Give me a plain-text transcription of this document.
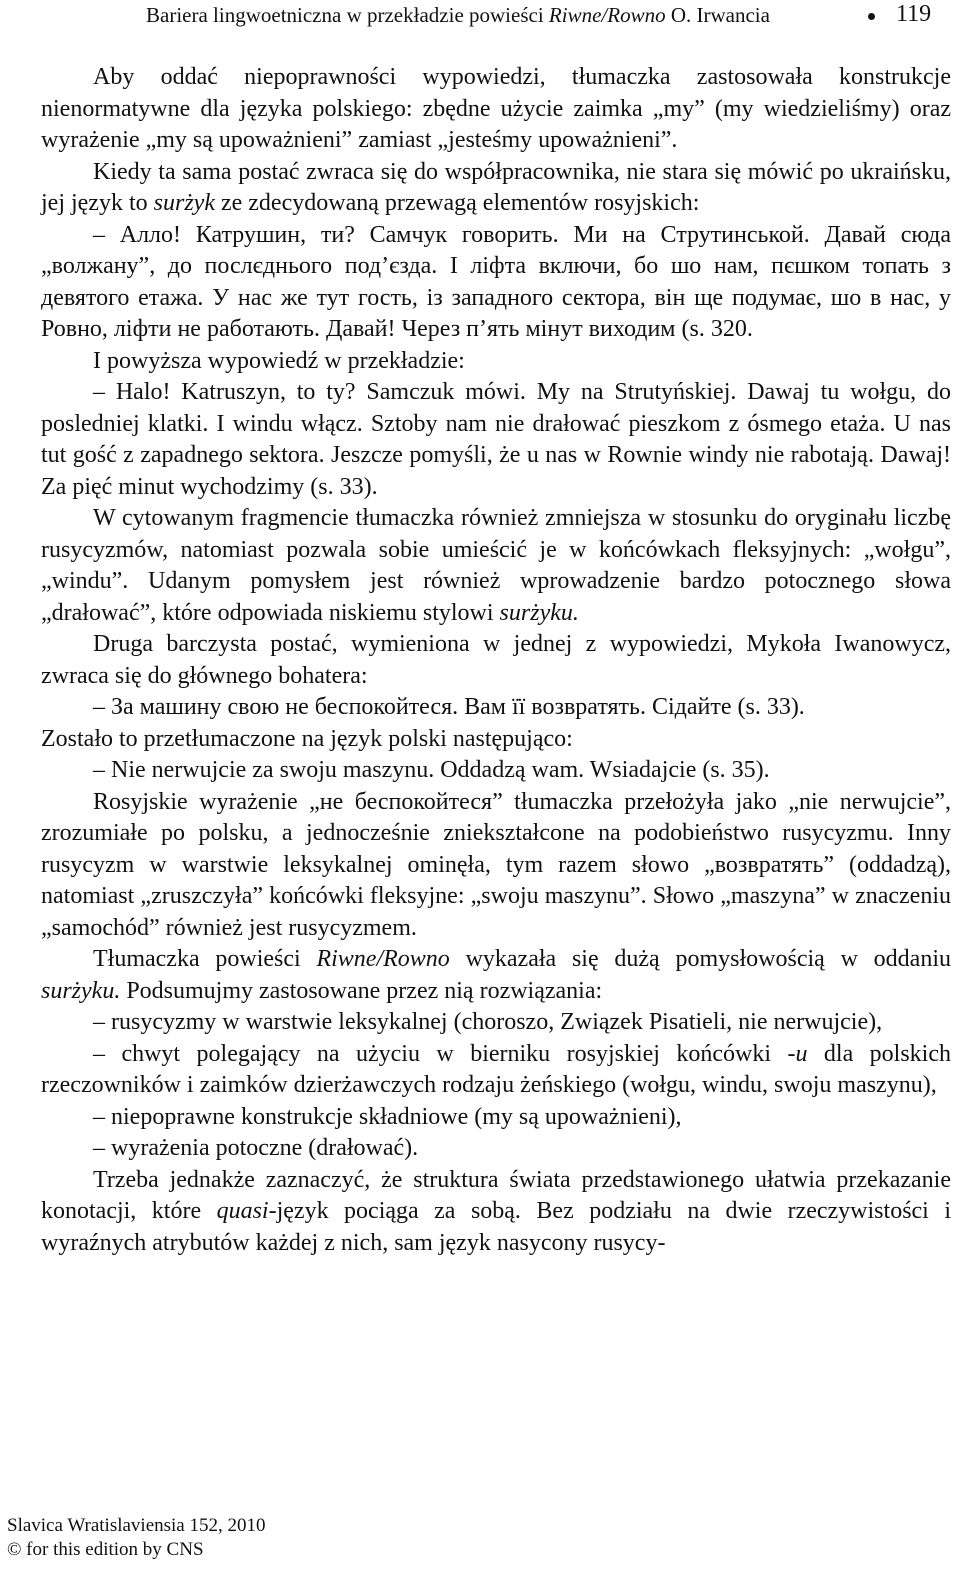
Bariera lingwoetniczna w przekładzie powieści Riwne/Rowno O. Irwancia	119

Aby oddać niepoprawności wypowiedzi, tłumaczka zastosowała konstrukcje nienormatywne dla języka polskiego: zbędne użycie zaimka „my” (my wiedzieliśmy) oraz wyrażenie „my są upoważnieni” zamiast „jesteśmy upoważnieni”.

Kiedy ta sama postać zwraca się do współpracownika, nie stara się mówić po ukraińsku, jej język to surżyk ze zdecydowaną przewagą elementów rosyjskich:

– Алло! Катрушин, ти? Самчук говорить. Ми на Струтинськой. Давай сюда „волжану”, до послєднього под’єзда. І ліфта включи, бо шо нам, пєшком топать з девятого етажа. У нас же тут гость, із западного сектора, він ще подумає, шо в нас, у Ровно, ліфти не работають. Давай! Через п’ять мінут виходим (s. 320.

I powyższa wypowiedź w przekładzie:

– Halo! Katruszyn, to ty? Samczuk mówi. My na Strutyńskiej. Dawaj tu wołgu, do posledniej klatki. I windu włącz. Sztoby nam nie drałować pieszkom z ósmego etaża. U nas tut gość z zapadnego sektora. Jeszcze pomyśli, że u nas w Rownie windy nie rabotają. Dawaj! Za pięć minut wychodzimy (s. 33).

W cytowanym fragmencie tłumaczka również zmniejsza w stosunku do oryginału liczbę rusycyzmów, natomiast pozwala sobie umieścić je w końcówkach fleksyjnych: „wołgu”, „windu”. Udanym pomysłem jest również wprowadzenie bardzo potocznego słowa „drałować”, które odpowiada niskiemu stylowi surżyku.

Druga barczysta postać, wymieniona w jednej z wypowiedzi, Mykoła Iwanowycz, zwraca się do głównego bohatera:

– За машину свою не беспокойтеся. Вам її возвратять. Сідайте (s. 33).

Zostało to przetłumaczone na język polski następująco:

– Nie nerwujcie za swoju maszynu. Oddadzą wam. Wsiadajcie (s. 35).

Rosyjskie wyrażenie „не беспокойтеся” tłumaczka przełożyła jako „nie nerwujcie”, zrozumiałe po polsku, a jednocześnie zniekształcone na podobieństwo rusycyzmu. Inny rusycyzm w warstwie leksykalnej ominęła, tym razem słowo „возвратять” (oddadzą), natomiast „zruszczyła” końcówki fleksyjne: „swoju maszynu”. Słowo „maszyna” w znaczeniu „samochód” również jest rusycyzmem.

Tłumaczka powieści Riwne/Rowno wykazała się dużą pomysłowością w oddaniu surżyku. Podsumujmy zastosowane przez nią rozwiązania:

– rusycyzmy w warstwie leksykalnej (choroszo, Związek Pisatieli, nie nerwujcie),

– chwyt polegający na użyciu w bierniku rosyjskiej końcówki -u dla polskich rzeczowników i zaimków dzierżawczych rodzaju żeńskiego (wołgu, windu, swoju maszynu),

– niepoprawne konstrukcje składniowe (my są upoważnieni),

– wyrażenia potoczne (drałować).

Trzeba jednakże zaznaczyć, że struktura świata przedstawionego ułatwia przekazanie konotacji, które quasi-język pociąga za sobą. Bez podziału na dwie rzeczywistości i wyraźnych atrybutów każdej z nich, sam język nasycony rusycy-

Slavica Wratislaviensia 152, 2010
© for this edition by CNS
